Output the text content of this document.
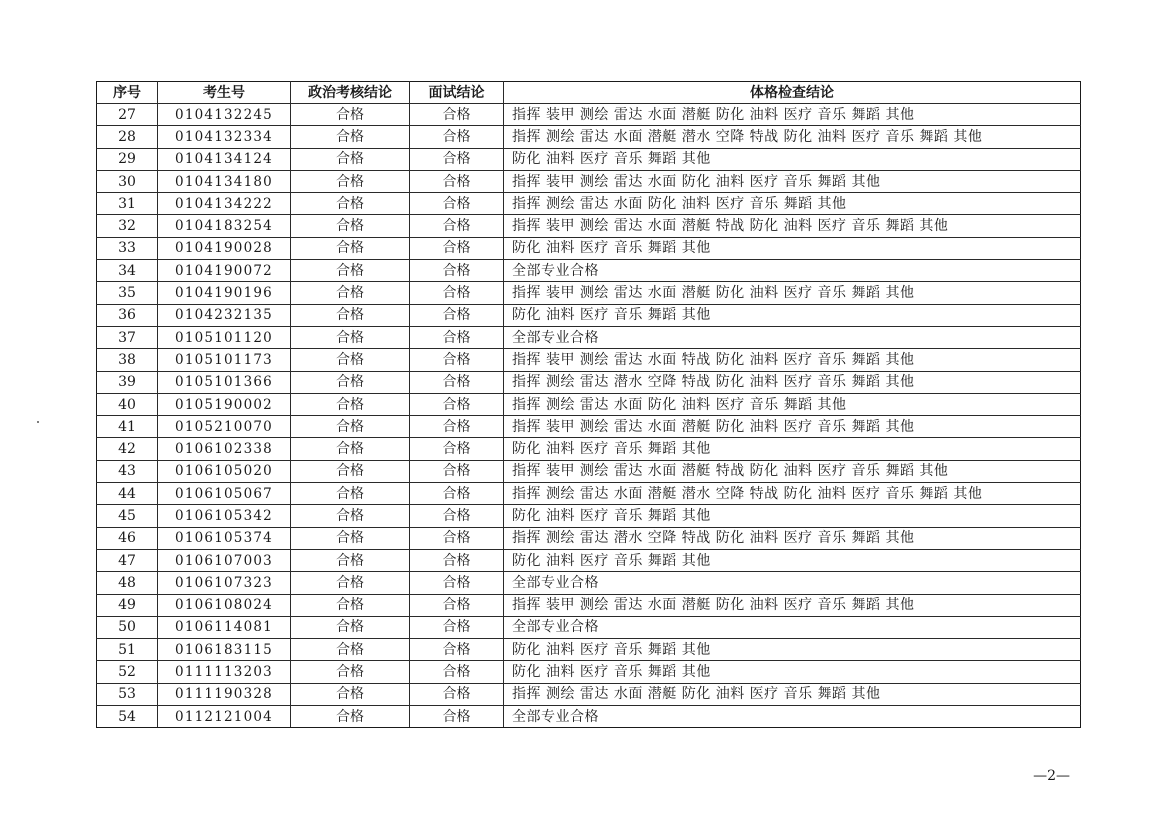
序号	考生号	政治考核结论	面试结论	体格检查结论
27	0104132245	合格	合格	指挥 装甲 测绘 雷达 水面 潜艇 防化 油料 医疗 音乐 舞蹈 其他
28	0104132334	合格	合格	指挥 测绘 雷达 水面 潜艇 潜水 空降 特战 防化 油料 医疗 音乐 舞蹈 其他
29	0104134124	合格	合格	防化 油料 医疗 音乐 舞蹈 其他
30	0104134180	合格	合格	指挥 装甲 测绘 雷达 水面 防化 油料 医疗 音乐 舞蹈 其他
31	0104134222	合格	合格	指挥 测绘 雷达 水面 防化 油料 医疗 音乐 舞蹈 其他
32	0104183254	合格	合格	指挥 装甲 测绘 雷达 水面 潜艇 特战 防化 油料 医疗 音乐 舞蹈 其他
33	0104190028	合格	合格	防化 油料 医疗 音乐 舞蹈 其他
34	0104190072	合格	合格	全部专业合格
35	0104190196	合格	合格	指挥 装甲 测绘 雷达 水面 潜艇 防化 油料 医疗 音乐 舞蹈 其他
36	0104232135	合格	合格	防化 油料 医疗 音乐 舞蹈 其他
37	0105101120	合格	合格	全部专业合格
38	0105101173	合格	合格	指挥 装甲 测绘 雷达 水面 特战 防化 油料 医疗 音乐 舞蹈 其他
39	0105101366	合格	合格	指挥 测绘 雷达 潜水 空降 特战 防化 油料 医疗 音乐 舞蹈 其他
40	0105190002	合格	合格	指挥 测绘 雷达 水面 防化 油料 医疗 音乐 舞蹈 其他
41	0105210070	合格	合格	指挥 装甲 测绘 雷达 水面 潜艇 防化 油料 医疗 音乐 舞蹈 其他
42	0106102338	合格	合格	防化 油料 医疗 音乐 舞蹈 其他
43	0106105020	合格	合格	指挥 装甲 测绘 雷达 水面 潜艇 特战 防化 油料 医疗 音乐 舞蹈 其他
44	0106105067	合格	合格	指挥 测绘 雷达 水面 潜艇 潜水 空降 特战 防化 油料 医疗 音乐 舞蹈 其他
45	0106105342	合格	合格	防化 油料 医疗 音乐 舞蹈 其他
46	0106105374	合格	合格	指挥 测绘 雷达 潜水 空降 特战 防化 油料 医疗 音乐 舞蹈 其他
47	0106107003	合格	合格	防化 油料 医疗 音乐 舞蹈 其他
48	0106107323	合格	合格	全部专业合格
49	0106108024	合格	合格	指挥 装甲 测绘 雷达 水面 潜艇 防化 油料 医疗 音乐 舞蹈 其他
50	0106114081	合格	合格	全部专业合格
51	0106183115	合格	合格	防化 油料 医疗 音乐 舞蹈 其他
52	0111113203	合格	合格	防化 油料 医疗 音乐 舞蹈 其他
53	0111190328	合格	合格	指挥 测绘 雷达 水面 潜艇 防化 油料 医疗 音乐 舞蹈 其他
54	0112121004	合格	合格	全部专业合格
—2—
